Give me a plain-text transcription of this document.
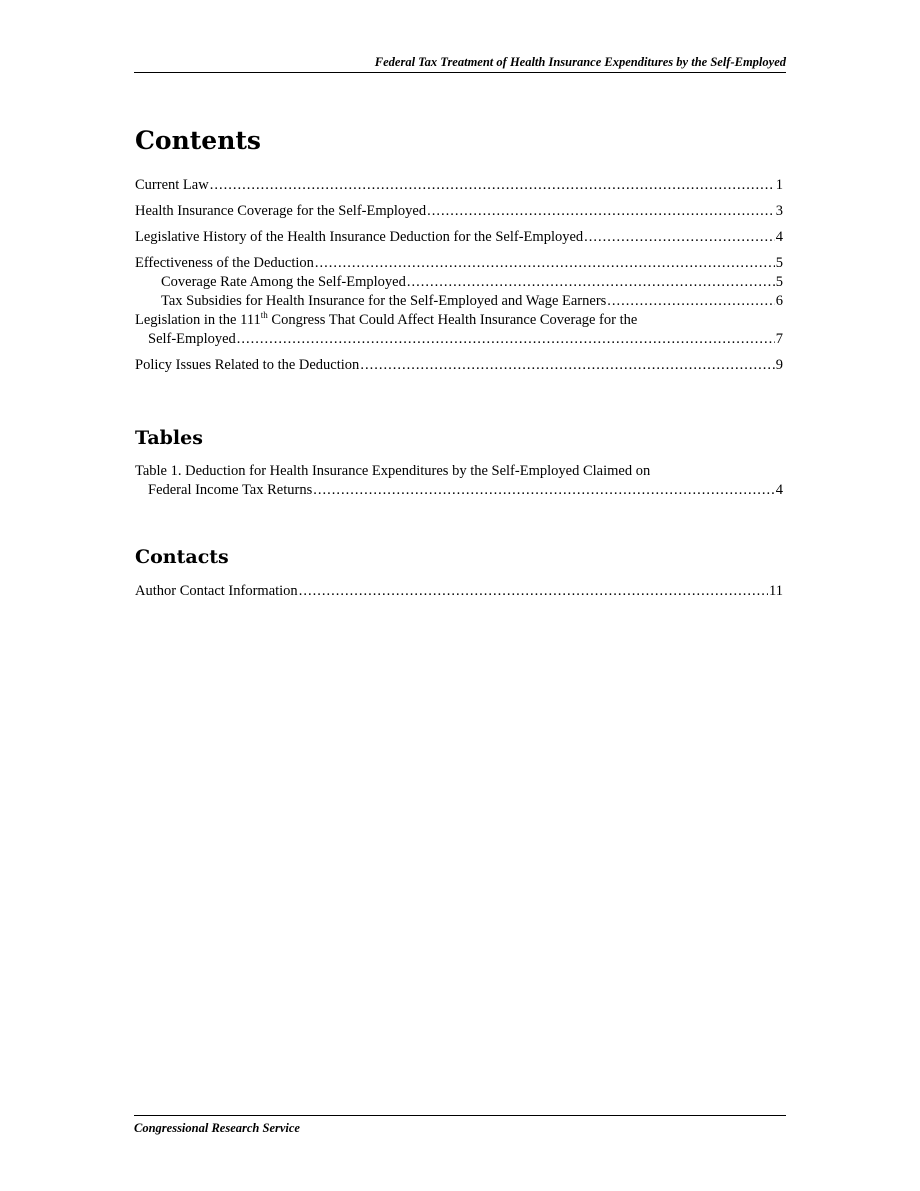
Federal Tax Treatment of Health Insurance Expenditures by the Self-Employed
Contents
Current Law .....	1
Health Insurance Coverage for the Self-Employed .....	3
Legislative History of the Health Insurance Deduction for the Self-Employed .....	4
Effectiveness of the Deduction .....	5
Coverage Rate Among the Self-Employed .....	5
Tax Subsidies for Health Insurance for the Self-Employed and Wage Earners .....	6
Legislation in the 111th Congress That Could Affect Health Insurance Coverage for the
Self-Employed .....	7
Policy Issues Related to the Deduction .....	9
Tables
Table 1. Deduction for Health Insurance Expenditures by the Self-Employed Claimed on
Federal Income Tax Returns .....	4
Contacts
Author Contact Information .....	11
Congressional Research Service
